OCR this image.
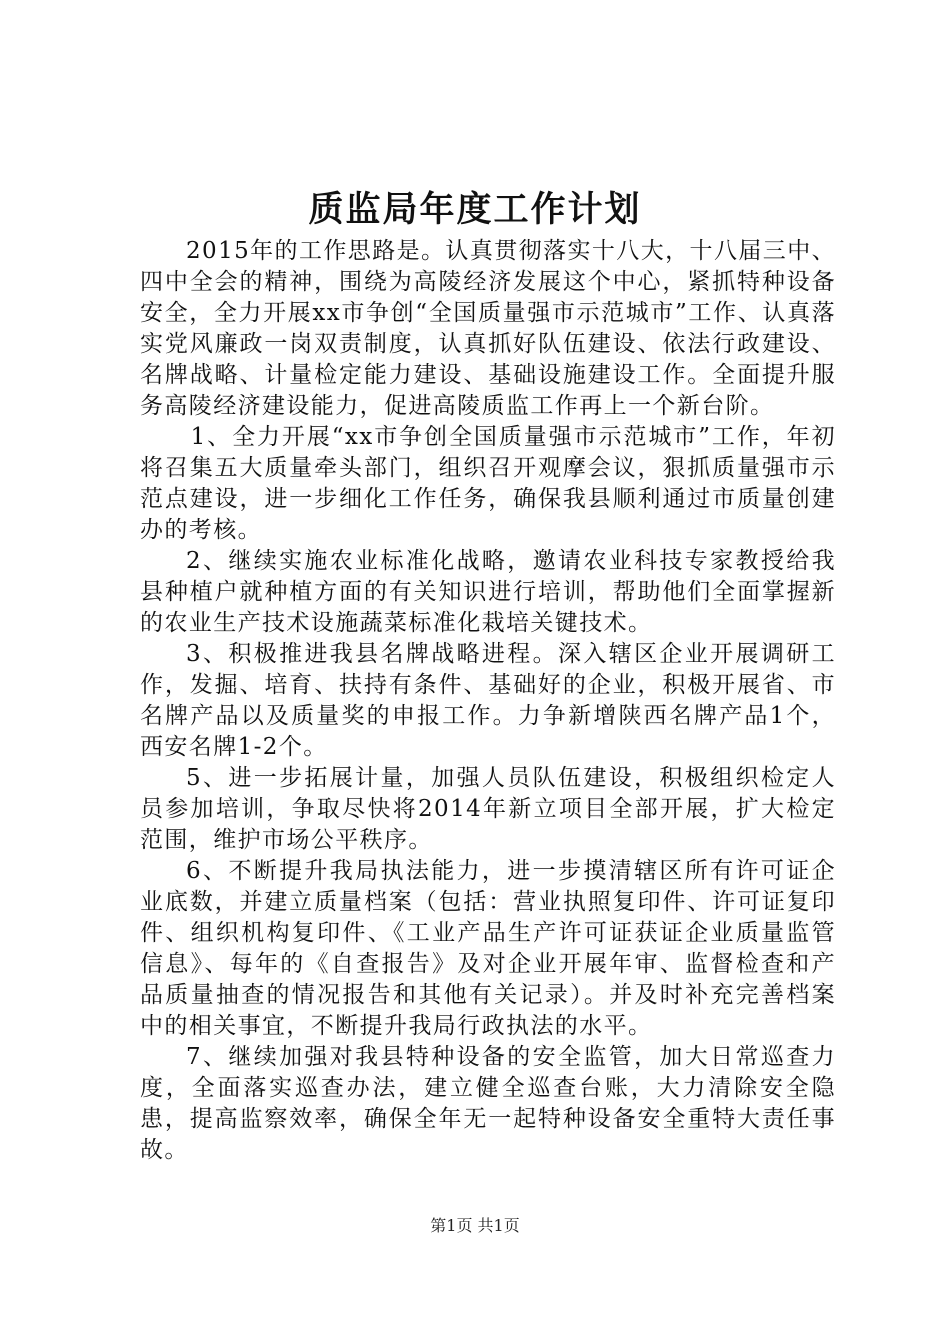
质监局年度工作计划

2015年的工作思路是。认真贯彻落实十八大，十八届三中、四中全会的精神，围绕为高陵经济发展这个中心，紧抓特种设备安全，全力开展xx市争创“全国质量强市示范城市”工作、认真落实党风廉政一岗双责制度，认真抓好队伍建设、依法行政建设、名牌战略、计量检定能力建设、基础设施建设工作。全面提升服务高陵经济建设能力，促进高陵质监工作再上一个新台阶。

1、全力开展“xx市争创全国质量强市示范城市”工作，年初将召集五大质量牵头部门，组织召开观摩会议，狠抓质量强市示范点建设，进一步细化工作任务，确保我县顺利通过市质量创建办的考核。

2、继续实施农业标准化战略，邀请农业科技专家教授给我县种植户就种植方面的有关知识进行培训，帮助他们全面掌握新的农业生产技术设施蔬菜标准化栽培关键技术。

3、积极推进我县名牌战略进程。深入辖区企业开展调研工作，发掘、培育、扶持有条件、基础好的企业，积极开展省、市名牌产品以及质量奖的申报工作。力争新增陕西名牌产品1个，西安名牌1-2个。

5、进一步拓展计量，加强人员队伍建设，积极组织检定人员参加培训，争取尽快将2014年新立项目全部开展，扩大检定范围，维护市场公平秩序。

6、不断提升我局执法能力，进一步摸清辖区所有许可证企业底数，并建立质量档案（包括：营业执照复印件、许可证复印件、组织机构复印件、《工业产品生产许可证获证企业质量监管信息》、每年的《自查报告》及对企业开展年审、监督检查和产品质量抽查的情况报告和其他有关记录）。并及时补充完善档案中的相关事宜，不断提升我局行政执法的水平。

7、继续加强对我县特种设备的安全监管，加大日常巡查力度，全面落实巡查办法，建立健全巡查台账，大力清除安全隐患，提高监察效率，确保全年无一起特种设备安全重特大责任事故。

第1页 共1页
